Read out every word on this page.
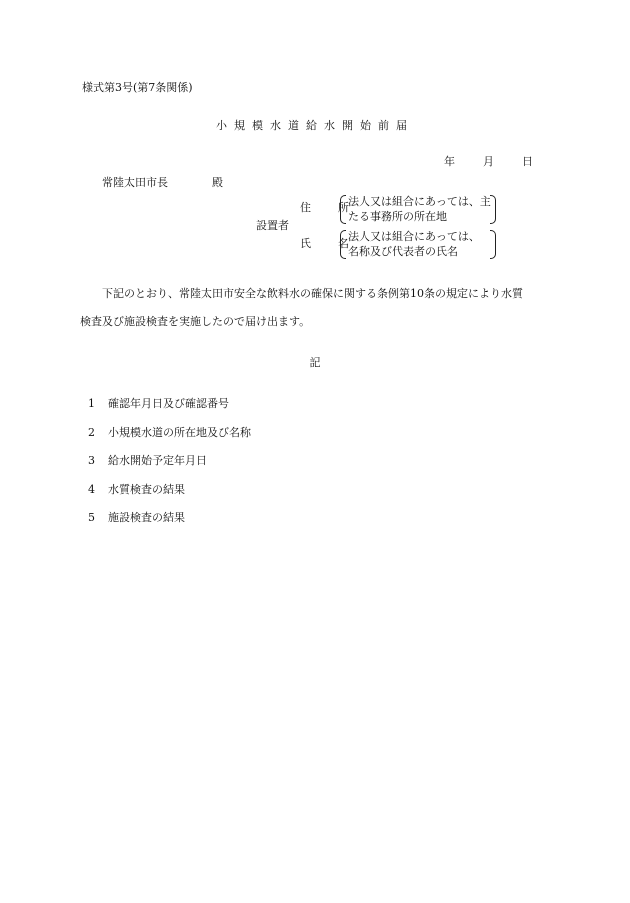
様式第3号(第7条関係)
小規模水道給水開始前届
年	月	日
常陸太田市長	殿
設置者
住　所
法人又は組合にあっては、主
たる事務所の所在地
氏　名
法人又は組合にあっては、
名称及び代表者の氏名
下記のとおり、常陸太田市安全な飲料水の確保に関する条例第10条の規定により水質
検査及び施設検査を実施したので届け出ます。
記
1 確認年月日及び確認番号
2 小規模水道の所在地及び名称
3 給水開始予定年月日
4 水質検査の結果
5 施設検査の結果
